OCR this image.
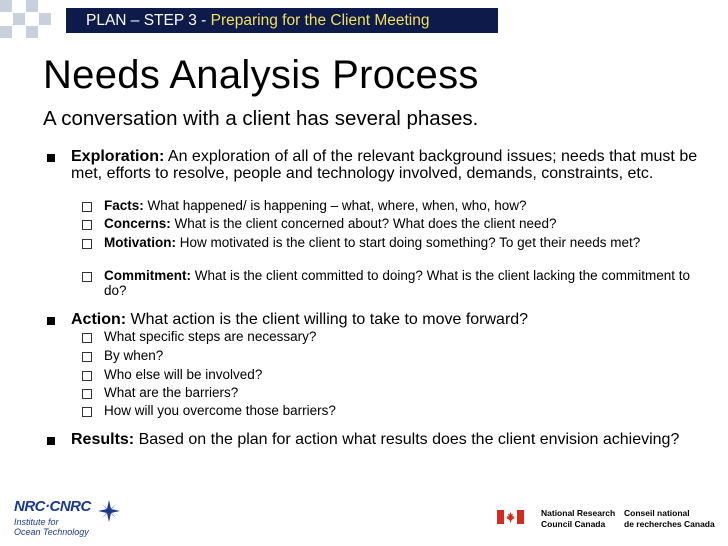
PLAN – STEP 3 - Preparing for the Client Meeting
Needs Analysis Process
A conversation with a client has several phases.
Exploration: An exploration of all of the relevant background issues; needs that must be met, efforts to resolve, people and technology involved, demands, constraints, etc.
Facts: What happened/ is happening – what, where, when, who, how?
Concerns: What is the client concerned about? What does the client need?
Motivation: How motivated is the client to start doing something? To get their needs met?
Commitment: What is the client committed to doing? What is the client lacking the commitment to do?
Action: What action is the client willing to take to move forward?
What specific steps are necessary?
By when?
Who else will be involved?
What are the barriers?
How will you overcome those barriers?
Results: Based on the plan for action what results does the client envision achieving?
NRC·CNRC
Institute for
Ocean Technology
National Research
Council Canada
Conseil national
de recherches Canada
